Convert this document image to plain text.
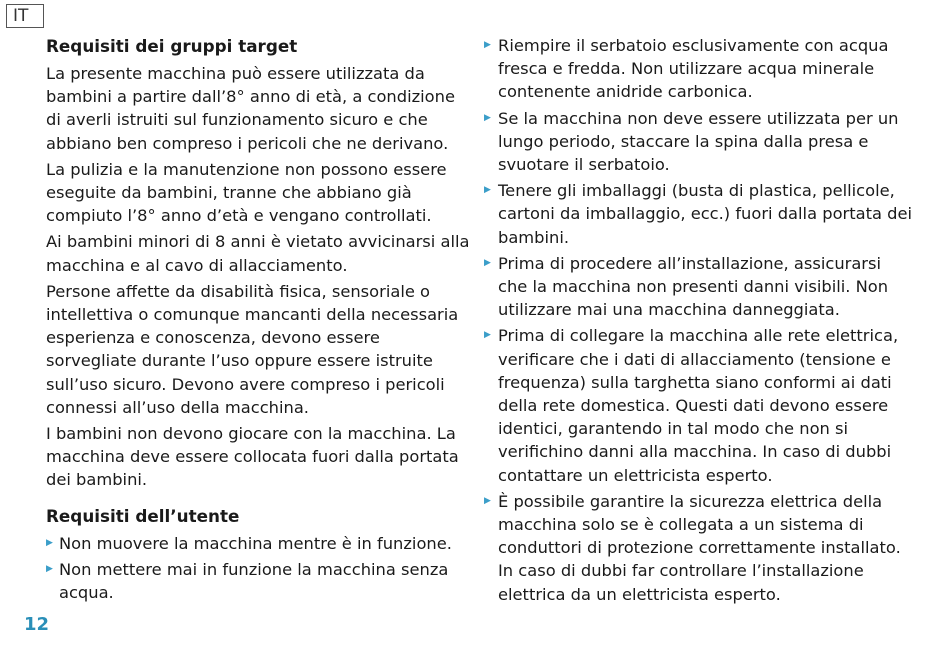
IT
Requisiti dei gruppi target

La presente macchina può essere utilizzata da bambini a partire dall’8° anno di età, a condizione di averli istruiti sul funzionamento sicuro e che abbiano ben compreso i pericoli che ne derivano.

La pulizia e la manutenzione non possono essere eseguite da bambini, tranne che abbiano già compiuto l’8° anno d’età e vengano controllati.

Ai bambini minori di 8 anni è vietato avvicinarsi alla macchina e al cavo di allacciamento.

Persone affette da disabilità fisica, sensoriale o intellettiva o comunque mancanti della necessaria esperienza e conoscenza, devono essere sorvegliate durante l’uso oppure essere istruite sull’uso sicuro. Devono avere compreso i pericoli connessi all’uso della macchina.

I bambini non devono giocare con la macchina. La macchina deve essere collocata fuori dalla portata dei bambini.

Requisiti dell’utente
▶ Non muovere la macchina mentre è in funzione.
▶ Non mettere mai in funzione la macchina senza acqua.
▶ Riempire il serbatoio esclusivamente con acqua fresca e fredda. Non utilizzare acqua minerale contenente anidride carbonica.
▶ Se la macchina non deve essere utilizzata per un lungo periodo, staccare la spina dalla presa e svuotare il serbatoio.
▶ Tenere gli imballaggi (busta di plastica, pellicole, cartoni da imballaggio, ecc.) fuori dalla portata dei bambini.
▶ Prima di procedere all’installazione, assicurarsi che la macchina non presenti danni visibili. Non utilizzare mai una macchina danneggiata.
▶ Prima di collegare la macchina alle rete elettrica, verificare che i dati di allacciamento (tensione e frequenza) sulla targhetta siano conformi ai dati della rete domestica. Questi dati devono essere identici, garantendo in tal modo che non si verifichino danni alla macchina. In caso di dubbi contattare un elettricista esperto.
▶ È possibile garantire la sicurezza elettrica della macchina solo se è collegata a un sistema di conduttori di protezione correttamente installato. In caso di dubbi far controllare l’installazione elettrica da un elettricista esperto.
12
